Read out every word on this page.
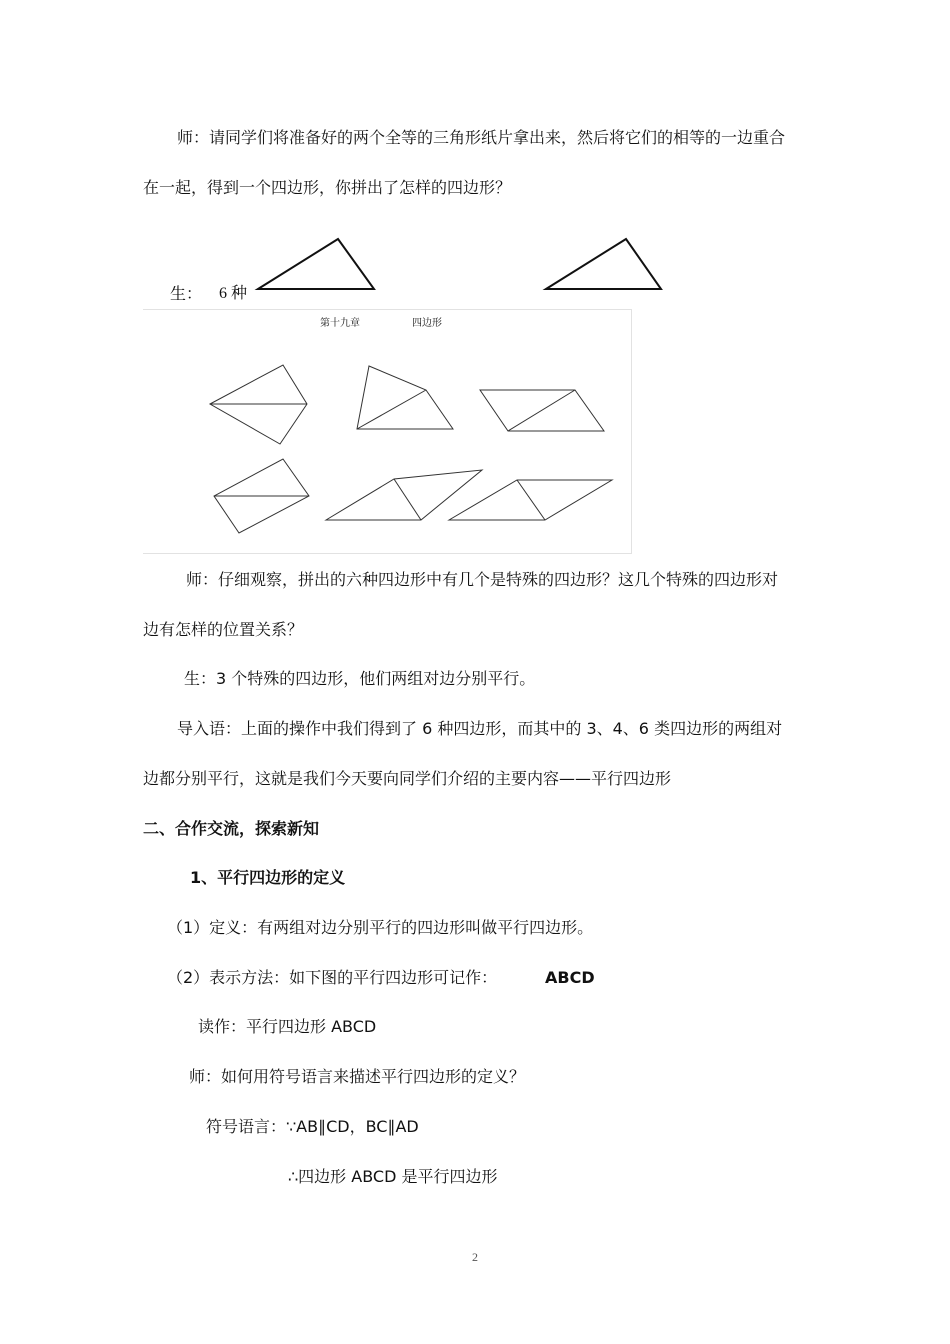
师：请同学们将准备好的两个全等的三角形纸片拿出来，然后将它们的相等的一边重合
在一起，得到一个四边形，你拼出了怎样的四边形？
生： 6 种
第十九章	四边形
师：仔细观察，拼出的六种四边形中有几个是特殊的四边形？这几个特殊的四边形对
边有怎样的位置关系？
生：3 个特殊的四边形，他们两组对边分别平行。
导入语：上面的操作中我们得到了 6 种四边形，而其中的 3、4、6 类四边形的两组对
边都分别平行，这就是我们今天要向同学们介绍的主要内容——平行四边形
二、合作交流，探索新知
1、平行四边形的定义
（1）定义：有两组对边分别平行的四边形叫做平行四边形。
（2）表示方法：如下图的平行四边形可记作：	ABCD
读作：平行四边形 ABCD
师：如何用符号语言来描述平行四边形的定义？
符号语言：∵AB∥CD，BC∥AD
∴四边形 ABCD 是平行四边形
2
